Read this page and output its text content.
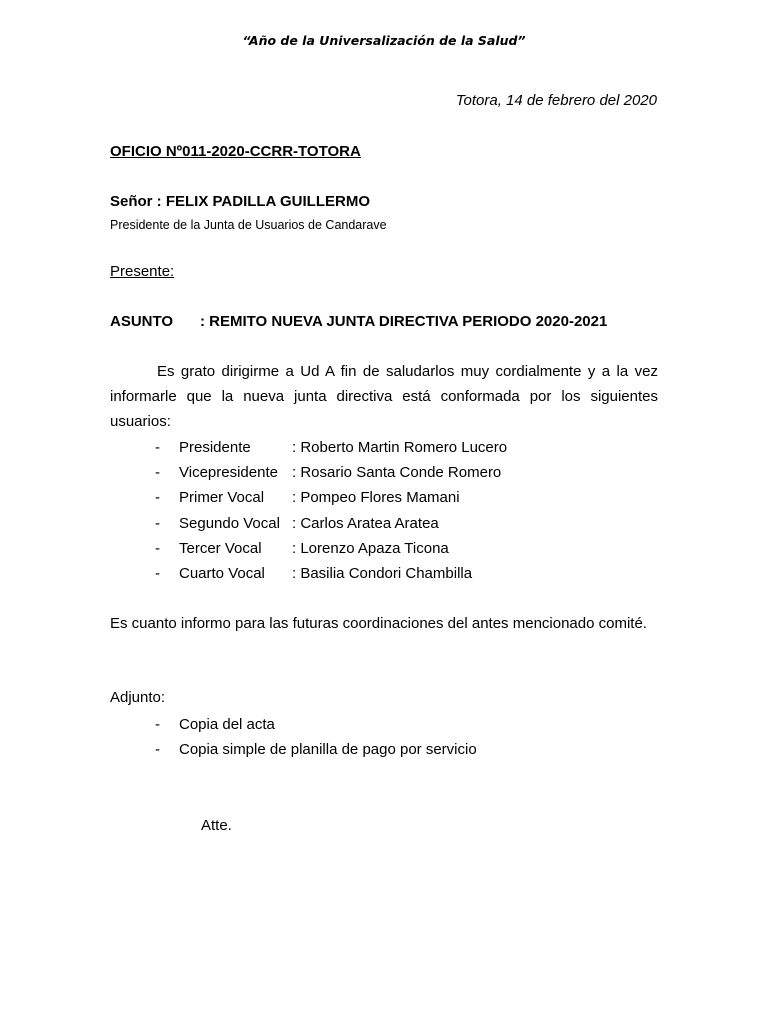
“Año de la Universalización de la Salud”
Totora, 14 de febrero del 2020
OFICIO Nº011-2020-CCRR-TOTORA
Señor : FELIX PADILLA GUILLERMO
Presidente de la Junta de Usuarios de Candarave
Presente:
ASUNTO : REMITO NUEVA JUNTA DIRECTIVA PERIODO 2020-2021
Es grato dirigirme a Ud A fin de saludarlos muy cordialmente y a la vez informarle que la nueva junta directiva está conformada por los siguientes usuarios:
- Presidente	: Roberto Martin Romero Lucero
- Vicepresidente : Rosario Santa Conde Romero
- Primer Vocal : Pompeo Flores Mamani
- Segundo Vocal : Carlos Aratea Aratea
- Tercer Vocal : Lorenzo Apaza Ticona
- Cuarto Vocal : Basilia Condori Chambilla
Es cuanto informo para las futuras coordinaciones del antes mencionado comité.
Adjunto:
- Copia del acta
- Copia simple de planilla de pago por servicio
Atte.
